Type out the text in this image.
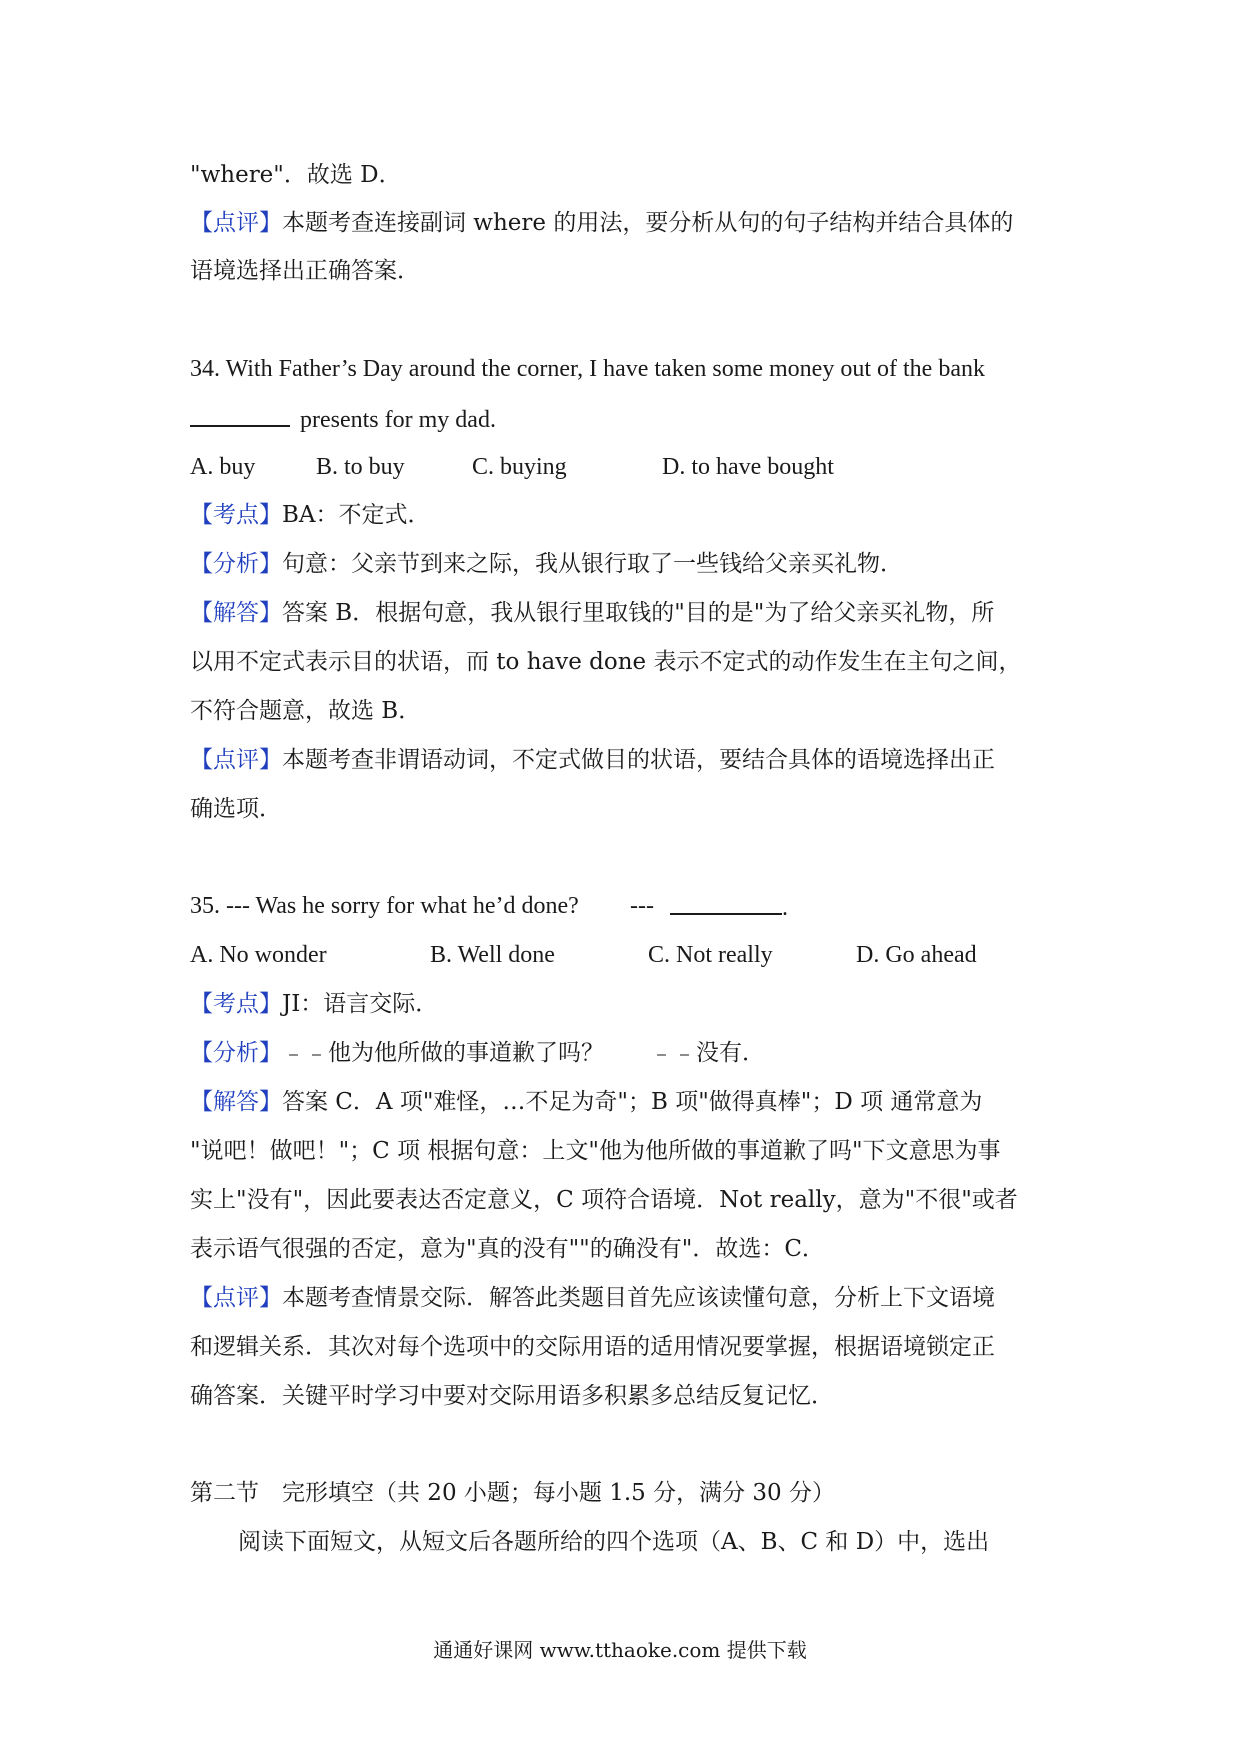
"where"．故选 D．
【点评】本题考查连接副词 where 的用法，要分析从句的句子结构并结合具体的
语境选择出正确答案．
34. With Father’s Day around the corner, I have taken some money out of the bank
presents for my dad.
A. buy	B. to buy	C. buying	D. to have bought
【考点】BA：不定式．
【分析】句意：父亲节到来之际，我从银行取了一些钱给父亲买礼物．
【解答】答案 B．根据句意，我从银行里取钱的"目的是"为了给父亲买礼物，所
以用不定式表示目的状语，而 to have done 表示不定式的动作发生在主句之间，
不符合题意，故选 B．
【点评】本题考查非谓语动词，不定式做目的状语，要结合具体的语境选择出正
确选项．
35. --- Was he sorry for what he’d done? ---	.
A. No wonder	B. Well done	C. Not really	D. Go ahead
【考点】JI：语言交际．
【分析】﹣﹣他为他所做的事道歉了吗？　　﹣﹣没有．
【解答】答案 C．A 项"难怪，…不足为奇"；B 项"做得真棒"；D 项 通常意为
"说吧！做吧！"；C 项 根据句意：上文"他为他所做的事道歉了吗"下文意思为事
实上"没有"，因此要表达否定意义，C 项符合语境．Not really，意为"不很"或者
表示语气很强的否定，意为"真的没有""的确没有"．故选：C．
【点评】本题考查情景交际．解答此类题目首先应该读懂句意，分析上下文语境
和逻辑关系．其次对每个选项中的交际用语的适用情况要掌握，根据语境锁定正
确答案．关键平时学习中要对交际用语多积累多总结反复记忆．
第二节　完形填空（共 20 小题；每小题 1.5 分，满分 30 分）
阅读下面短文，从短文后各题所给的四个选项（A、B、C 和 D）中，选出
通通好课网 www.tthaoke.com 提供下载
